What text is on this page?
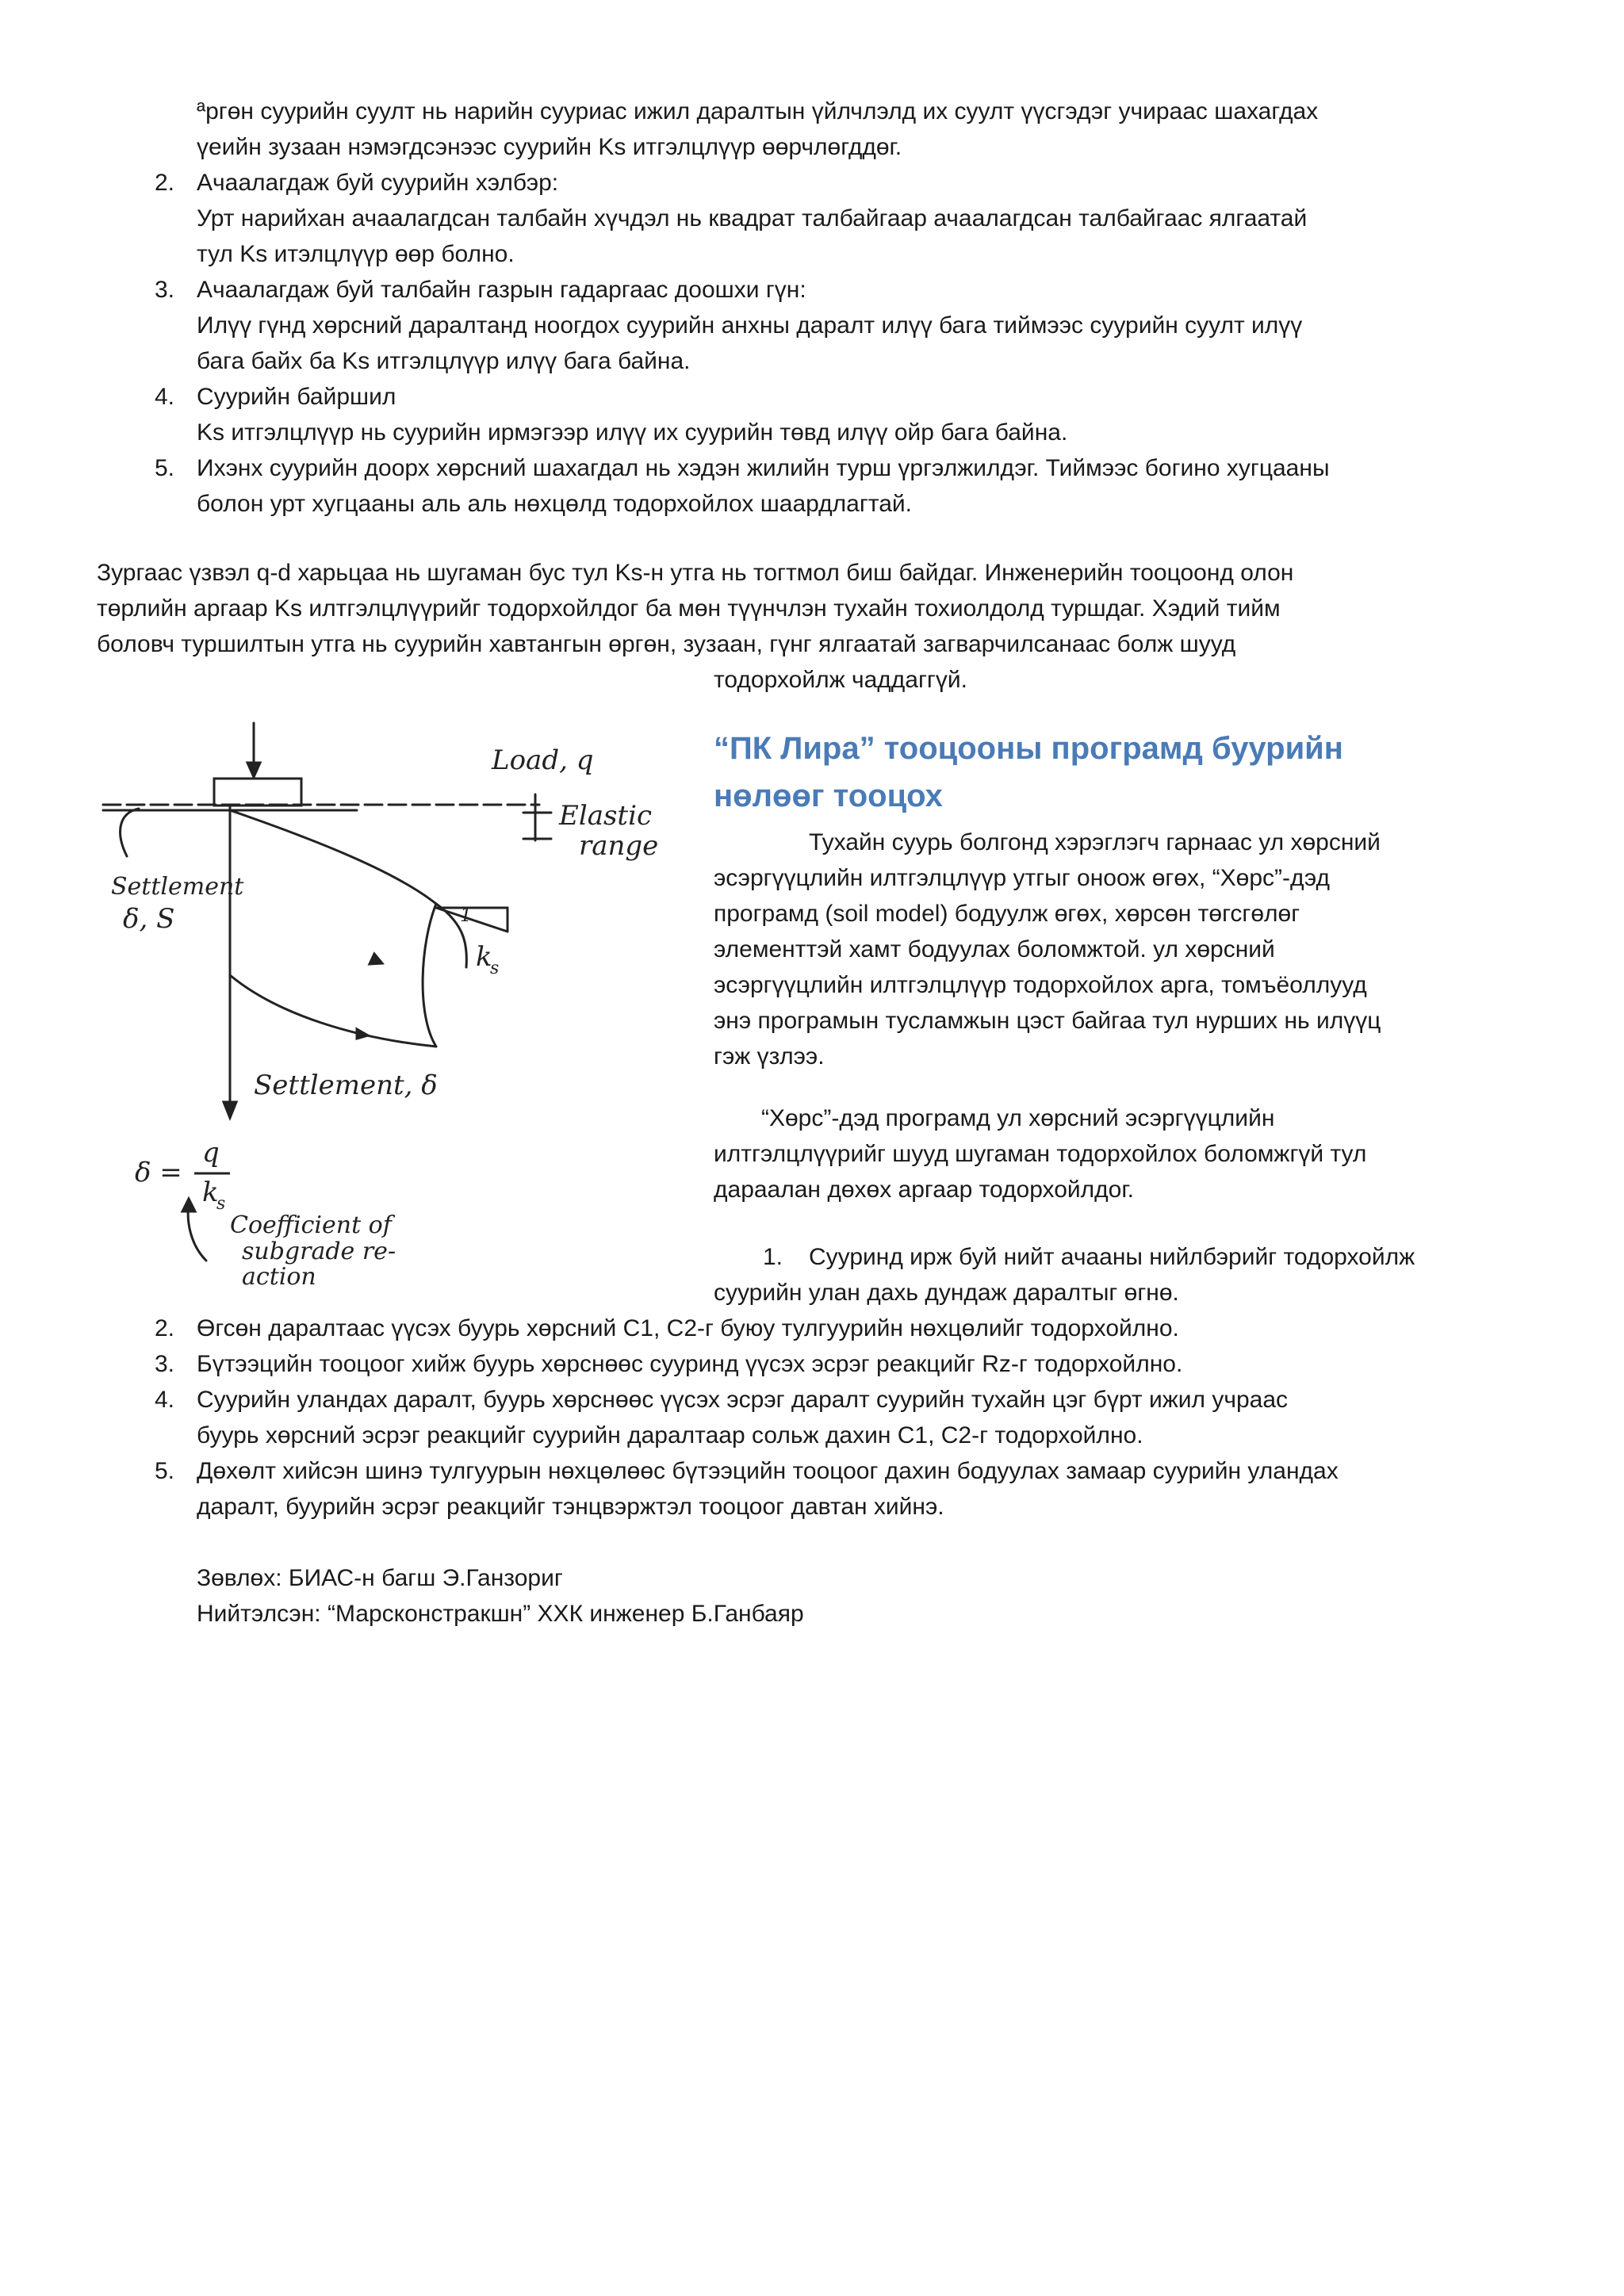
ªргөн суурийн суулт нь нарийн сууриас ижил даралтын үйлчлэлд их суулт үүсгэдэг учираас шахагдах
үеийн зузаан нэмэгдсэнээс суурийн Ks итгэлцлүүр өөрчлөгддөг.
2. Ачаалагдаж буй суурийн хэлбэр:
Урт нарийхан ачаалагдсан талбайн хүчдэл нь квадрат талбайгаар ачаалагдсан талбайгаас ялгаатай
тул Ks итэлцлүүр өөр болно.
3. Ачаалагдаж буй талбайн газрын гадаргаас доошхи гүн:
Илүү гүнд хөрсний даралтанд ноогдох суурийн анхны даралт илүү бага тиймээс суурийн суулт илүү
бага байх ба Ks итгэлцлүүр илүү бага байна.
4. Суурийн байршил
Ks итгэлцлүүр нь суурийн ирмэгээр илүү их суурийн төвд илүү ойр бага байна.
5. Ихэнх суурийн доорх хөрсний шахагдал нь хэдэн жилийн турш үргэлжилдэг. Тиймээс богино хугцааны
болон урт хугцааны аль аль нөхцөлд тодорхойлох шаардлагтай.
Зургаас үзвэл q-d харьцаа нь шугаман бус тул Ks-н утга нь тогтмол биш байдаг. Инженерийн тооцоонд олон
төрлийн аргаар Ks илтгэлцлүүрийг тодорхойлдог ба мөн түүнчлэн тухайн тохиолдолд туршдаг. Хэдий тийм
боловч туршилтын утга нь суурийн хавтангын өргөн, зузаан, гүнг ялгаатай загварчилсанаас болж шууд
тодорхойлж чаддаггүй.
Load, q
Elastic
range
Settlement
δ, S
k
s
1
Settlement, δ
δ =
q
k
s
Coefficient of
subgrade re-
action
“ПК Лира” тооцооны програмд буурийн
нөлөөг тооцох
Тухайн суурь болгонд хэрэглэгч гарнаас ул хөрсний
эсэргүүцлийн илтгэлцлүүр утгыг оноож өгөх, “Хөрс”-дэд
програмд (soil model) бодуулж өгөх, хөрсөн төгсгөлөг
элементтэй хамт бодуулах боломжтой. ул хөрсний
эсэргүүцлийн илтгэлцлүүр тодорхойлох арга, томъёоллууд
энэ програмын тусламжын цэст байгаа тул нурших нь илүүц
гэж үзлээ.
“Хөрс”-дэд програмд ул хөрсний эсэргүүцлийн
илтгэлцлүүрийг шууд шугаман тодорхойлох боломжгүй тул
дараалан дөхөх аргаар тодорхойлдог.
1. Сууринд ирж буй нийт ачааны нийлбэрийг тодорхойлж
суурийн улан дахь дундаж даралтыг өгнө.
2. Өгсөн даралтаас үүсэх буурь хөрсний С1, С2-г буюу тулгуурийн нөхцөлийг тодорхойлно.
3. Бүтээцийн тооцоог хийж буурь хөрснөөс сууринд үүсэх эсрэг реакцийг Rz-г тодорхойлно.
4. Суурийн уландах даралт, буурь хөрснөөс үүсэх эсрэг даралт суурийн тухайн цэг бүрт ижил учраас
буурь хөрсний эсрэг реакцийг суурийн даралтаар сольж дахин С1, С2-г тодорхойлно.
5. Дөхөлт хийсэн шинэ тулгуурын нөхцөлөөс бүтээцийн тооцоог дахин бодуулах замаар суурийн уландах
даралт, буурийн эсрэг реакцийг тэнцвэржтэл тооцоог давтан хийнэ.
Зөвлөх: БИАС-н багш Э.Ганзориг
Нийтэлсэн: “Марсконстракшн” ХХК инженер Б.Ганбаяр
